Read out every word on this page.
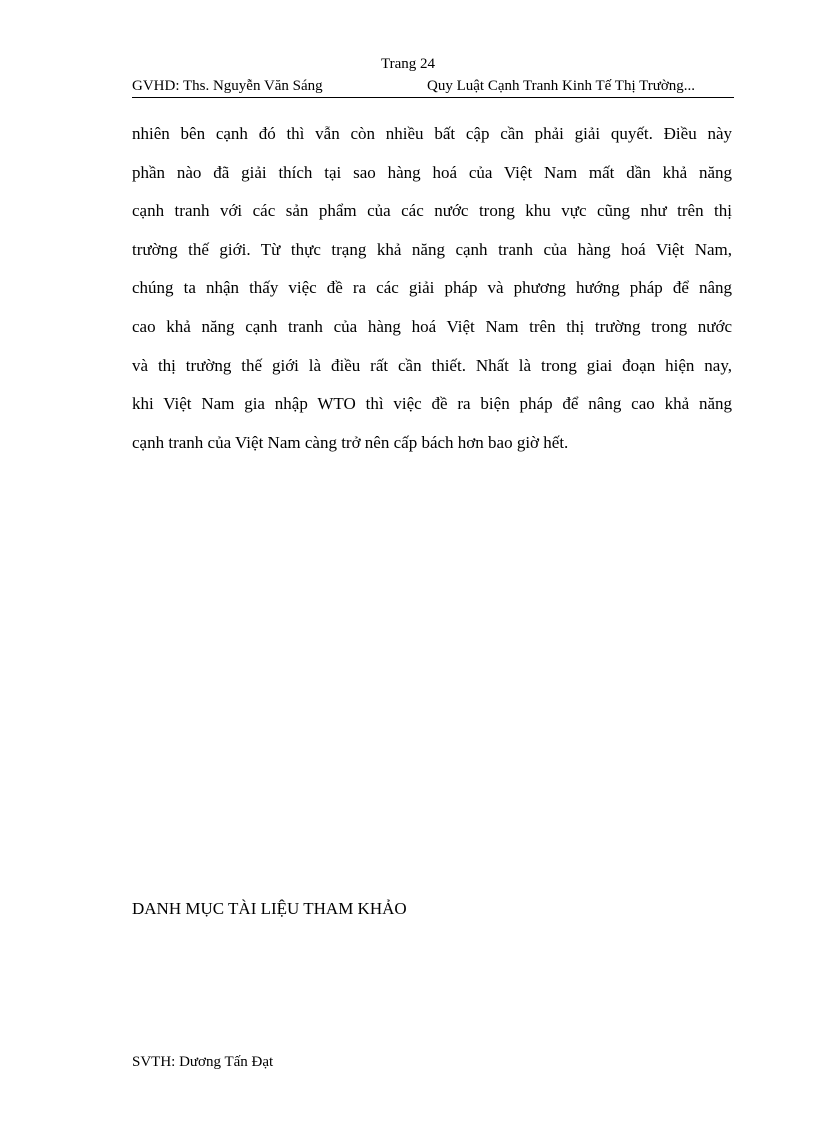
Trang 24
GVHD: Ths. Nguyễn Văn Sáng	Quy Luật Cạnh Tranh Kinh Tế Thị Trường...
nhiên bên cạnh đó thì vẫn còn nhiều bất cập cần phải giải quyết. Điều này
phần nào đã giải thích tại sao hàng hoá của Việt Nam mất dần khả năng
cạnh tranh với các sản phẩm của các nước trong khu vực cũng như trên thị
trường thế giới. Từ thực trạng khả năng cạnh tranh của hàng hoá Việt Nam,
chúng ta nhận thấy việc đề ra các giải pháp và phương hướng pháp để nâng
cao khả năng cạnh tranh của hàng hoá Việt Nam trên thị trường trong nước
và thị trường thế giới là điều rất cần thiết. Nhất là trong giai đoạn hiện nay,
khi Việt Nam gia nhập WTO thì việc đề ra biện pháp để nâng cao khả năng
cạnh tranh của Việt Nam càng trở nên cấp bách hơn bao giờ hết.
DANH MỤC TÀI LIỆU THAM KHẢO
SVTH: Dương Tấn Đạt
